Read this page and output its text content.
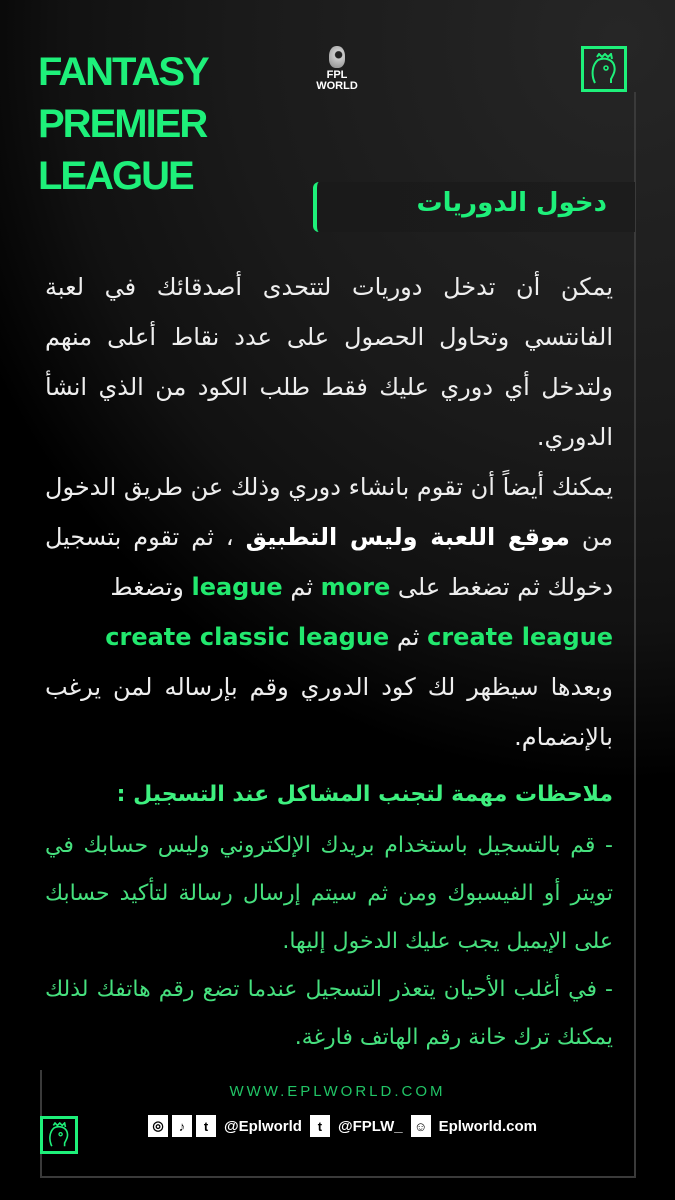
FANTASY
PREMIER
LEAGUE
FPL
WORLD
دخول الدوريات
يمكن أن تدخل دوريات لتتحدى أصدقائك في لعبة الفانتسي وتحاول الحصول على عدد نقاط أعلى منهم ولتدخل أي دوري عليك فقط طلب الكود من الذي انشأ الدوري.
يمكنك أيضاً أن تقوم بانشاء دوري وذلك عن طريق الدخول من موقع اللعبة وليس التطبيق ، ثم تقوم بتسجيل دخولك ثم تضغط على more ثم league وتضغط
create league ثم create classic league
وبعدها سيظهر لك كود الدوري وقم بإرساله لمن يرغب بالإنضمام.
ملاحظات مهمة لتجنب المشاكل عند التسجيل :
- قم بالتسجيل باستخدام بريدك الإلكتروني وليس حسابك في تويتر أو الفيسبوك ومن ثم سيتم إرسال رسالة لتأكيد حسابك على الإيميل يجب عليك الدخول إليها.
- في أغلب الأحيان يتعذر التسجيل عندما تضع رقم هاتفك لذلك يمكنك ترك خانة رقم الهاتف فارغة.
WWW.EPLWORLD.COM
◎	♪	t	@Eplworld	t	@FPLW_ ☺ Eplworld.com
